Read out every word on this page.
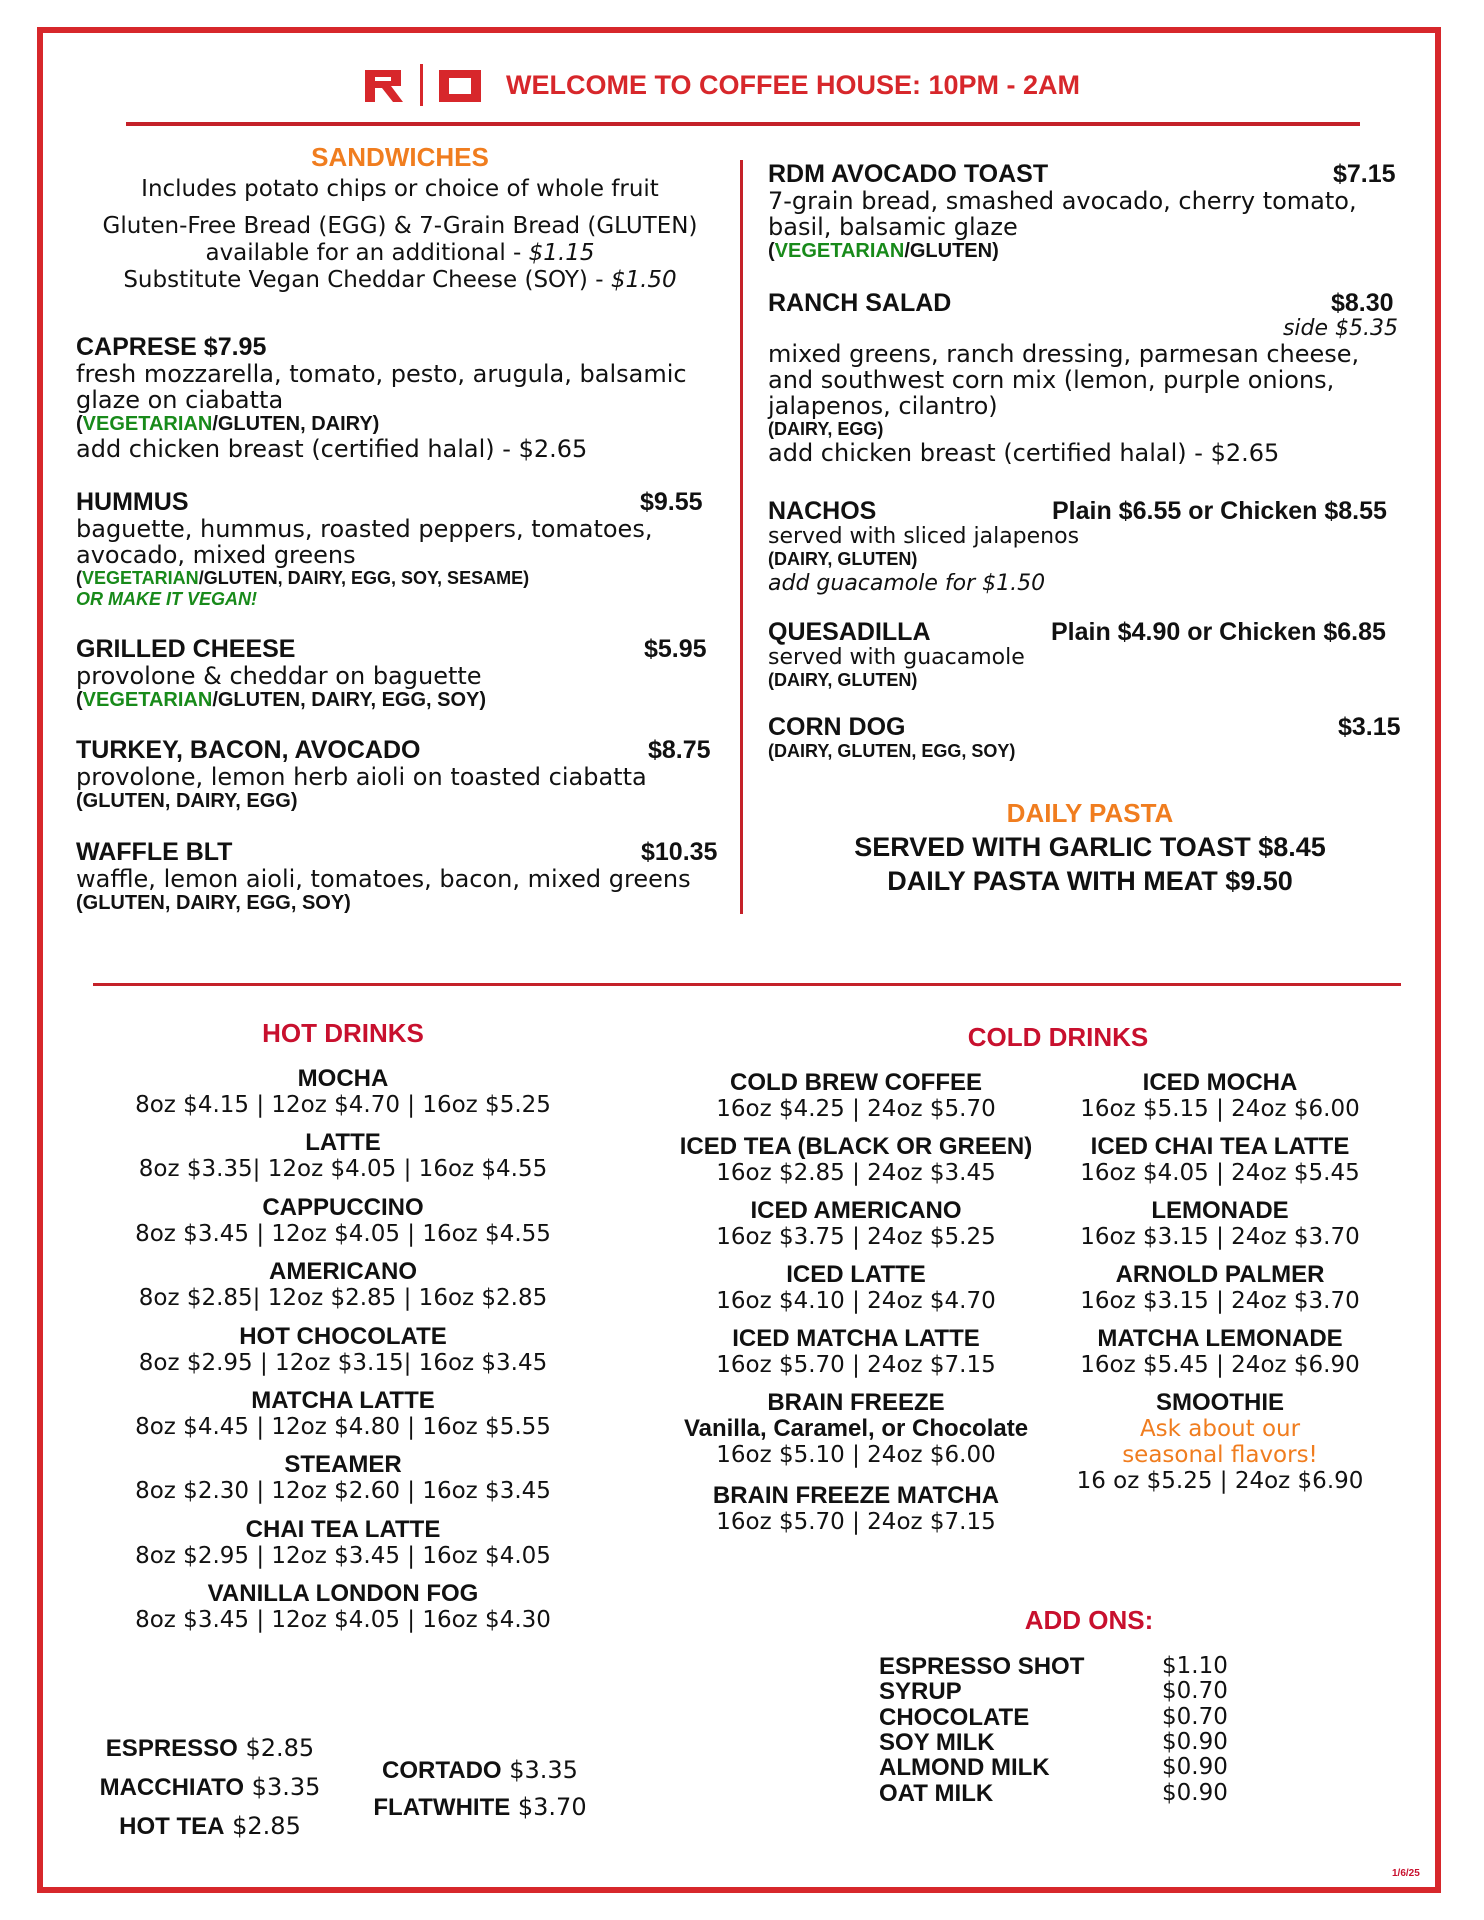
WELCOME TO COFFEE HOUSE: 10PM - 2AM
SANDWICHES
Includes potato chips or choice of whole fruit
Gluten-Free Bread (EGG) & 7-Grain Bread (GLUTEN)
available for an additional - $1.15
Substitute Vegan Cheddar Cheese (SOY) - $1.50
CAPRESE $7.95
fresh mozzarella, tomato, pesto, arugula, balsamic
glaze on ciabatta
(VEGETARIAN/GLUTEN, DAIRY)
add chicken breast (certified halal) - $2.65
HUMMUS	$9.55
baguette, hummus, roasted peppers, tomatoes,
avocado, mixed greens
(VEGETARIAN/GLUTEN, DAIRY, EGG, SOY, SESAME)
OR MAKE IT VEGAN!
GRILLED CHEESE	$5.95
provolone & cheddar on baguette
(VEGETARIAN/GLUTEN, DAIRY, EGG, SOY)
TURKEY, BACON, AVOCADO	$8.75
provolone, lemon herb aioli on toasted ciabatta
(GLUTEN, DAIRY, EGG)
WAFFLE BLT	$10.35
waffle, lemon aioli, tomatoes, bacon, mixed greens
(GLUTEN, DAIRY, EGG, SOY)
RDM AVOCADO TOAST	$7.15
7-grain bread, smashed avocado, cherry tomato,
basil, balsamic glaze
(VEGETARIAN/GLUTEN)
RANCH SALAD	$8.30
side $5.35
mixed greens, ranch dressing, parmesan cheese,
and southwest corn mix (lemon, purple onions,
jalapenos, cilantro)
(DAIRY, EGG)
add chicken breast (certified halal) - $2.65
NACHOS	Plain $6.55 or Chicken $8.55
served with sliced jalapenos
(DAIRY, GLUTEN)
add guacamole for $1.50
QUESADILLA	Plain $4.90 or Chicken $6.85
served with guacamole
(DAIRY, GLUTEN)
CORN DOG	$3.15
(DAIRY, GLUTEN, EGG, SOY)
DAILY PASTA
SERVED WITH GARLIC TOAST $8.45
DAILY PASTA WITH MEAT $9.50
HOT DRINKS
MOCHA
8oz $4.15 | 12oz $4.70 | 16oz $5.25
LATTE
8oz $3.35| 12oz $4.05 | 16oz $4.55
CAPPUCCINO
8oz $3.45 | 12oz $4.05 | 16oz $4.55
AMERICANO
8oz $2.85| 12oz $2.85 | 16oz $2.85
HOT CHOCOLATE
8oz $2.95 | 12oz $3.15| 16oz $3.45
MATCHA LATTE
8oz $4.45 | 12oz $4.80 | 16oz $5.55
STEAMER
8oz $2.30 | 12oz $2.60 | 16oz $3.45
CHAI TEA LATTE
8oz $2.95 | 12oz $3.45 | 16oz $4.05
VANILLA LONDON FOG
8oz $3.45 | 12oz $4.05 | 16oz $4.30
COLD DRINKS
COLD BREW COFFEE
16oz $4.25 | 24oz $5.70
ICED TEA (BLACK OR GREEN)
16oz $2.85 | 24oz $3.45
ICED AMERICANO
16oz $3.75 | 24oz $5.25
ICED LATTE
16oz $4.10 | 24oz $4.70
ICED MATCHA LATTE
16oz $5.70 | 24oz $7.15
BRAIN FREEZE
Vanilla, Caramel, or Chocolate
16oz $5.10 | 24oz $6.00
BRAIN FREEZE MATCHA
16oz $5.70 | 24oz $7.15
ICED MOCHA
16oz $5.15 | 24oz $6.00
ICED CHAI TEA LATTE
16oz $4.05 | 24oz $5.45
LEMONADE
16oz $3.15 | 24oz $3.70
ARNOLD PALMER
16oz $3.15 | 24oz $3.70
MATCHA LEMONADE
16oz $5.45 | 24oz $6.90
SMOOTHIE
Ask about our
seasonal flavors!
16 oz $5.25 | 24oz $6.90
ADD ONS:
ESPRESSO SHOT	$1.10
SYRUP	$0.70
CHOCOLATE	$0.70
SOY MILK	$0.90
ALMOND MILK	$0.90
OAT MILK	$0.90
ESPRESSO $2.85
MACCHIATO $3.35
HOT TEA $2.85
CORTADO $3.35
FLATWHITE $3.70
1/6/25
